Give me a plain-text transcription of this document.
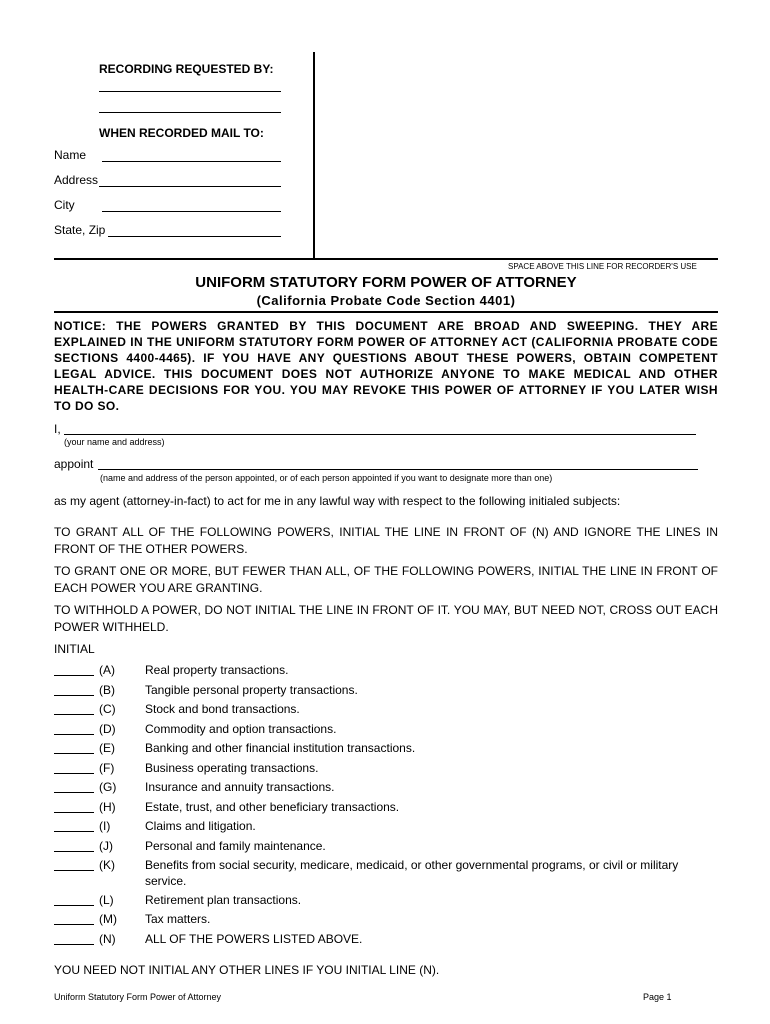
RECORDING REQUESTED BY:
WHEN RECORDED MAIL TO:
Name
Address
City
State, Zip
SPACE ABOVE THIS LINE FOR RECORDER'S USE
UNIFORM STATUTORY FORM POWER OF ATTORNEY
(California Probate Code Section 4401)
NOTICE: THE POWERS GRANTED BY THIS DOCUMENT ARE BROAD AND SWEEPING. THEY ARE EXPLAINED IN THE UNIFORM STATUTORY FORM POWER OF ATTORNEY ACT (CALIFORNIA PROBATE CODE SECTIONS 4400-4465). IF YOU HAVE ANY QUESTIONS ABOUT THESE POWERS, OBTAIN COMPETENT LEGAL ADVICE. THIS DOCUMENT DOES NOT AUTHORIZE ANYONE TO MAKE MEDICAL AND OTHER HEALTH-CARE DECISIONS FOR YOU. YOU MAY REVOKE THIS POWER OF ATTORNEY IF YOU LATER WISH TO DO SO.
I,
(your name and address)
appoint
(name and address of the person appointed, or of each person appointed if you want to designate more than one)
as my agent (attorney-in-fact) to act for me in any lawful way with respect to the following initialed subjects:
TO GRANT ALL OF THE FOLLOWING POWERS, INITIAL THE LINE IN FRONT OF (N) AND IGNORE THE LINES IN FRONT OF THE OTHER POWERS.
TO GRANT ONE OR MORE, BUT FEWER THAN ALL, OF THE FOLLOWING POWERS, INITIAL THE LINE IN FRONT OF EACH POWER YOU ARE GRANTING.
TO WITHHOLD A POWER, DO NOT INITIAL THE LINE IN FRONT OF IT. YOU MAY, BUT NEED NOT, CROSS OUT EACH POWER WITHHELD.
INITIAL
(A)	Real property transactions.
(B)	Tangible personal property transactions.
(C) Stock and bond transactions.
(D) Commodity and option transactions.
(E)	Banking and other financial institution transactions.
(F)	Business operating transactions.
(G) Insurance and annuity transactions.
(H) Estate, trust, and other beneficiary transactions.
(I)	Claims and litigation.
(J)	Personal and family maintenance.
(K)	Benefits from social security, medicare, medicaid, or other governmental programs, or civil or military service.
(L)	Retirement plan transactions.
(M) Tax matters.
(N) ALL OF THE POWERS LISTED ABOVE.
YOU NEED NOT INITIAL ANY OTHER LINES IF YOU INITIAL LINE (N).
Uniform Statutory Form Power of Attorney	Page 1
